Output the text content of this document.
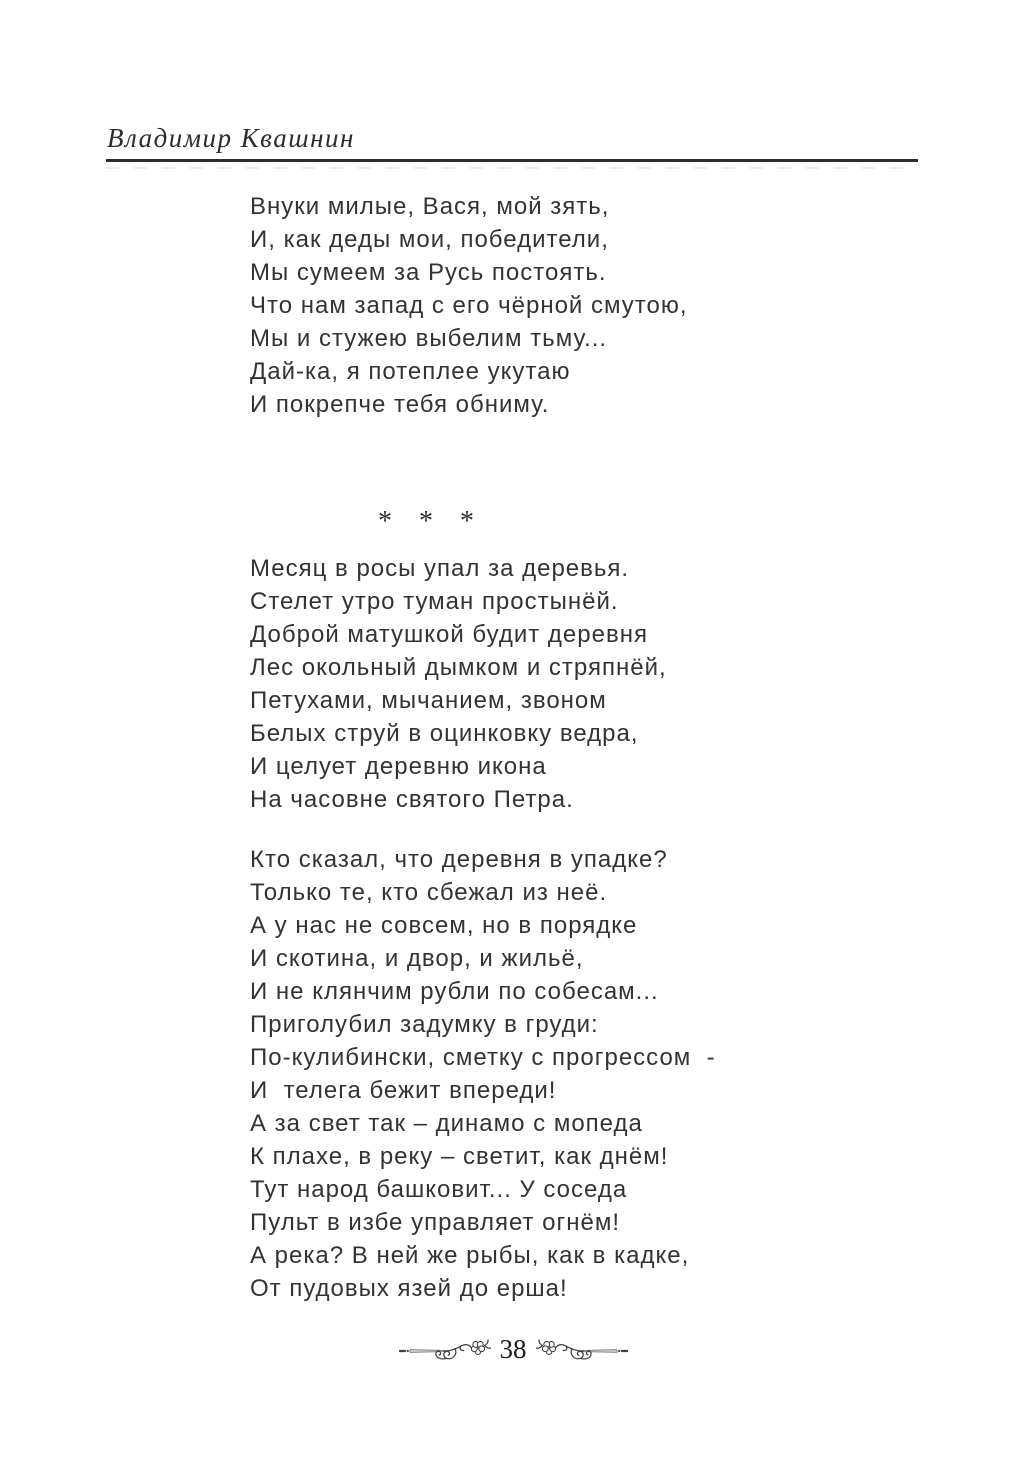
Владимир Квашнин
Внуки милые, Вася, мой зять,
И, как деды мои, победители,
Мы сумеем за Русь постоять.
Что нам запад с его чёрной смутою,
Мы и стужею выбелим тьму...
Дай-ка, я потеплее укутаю
И покрепче тебя обниму.
* * *
Месяц в росы упал за деревья.
Стелет утро туман простынёй.
Доброй матушкой будит деревня
Лес окольный дымком и стряпнёй,
Петухами, мычанием, звоном
Белых струй в оцинковку ведра,
И целует деревню икона
На часовне святого Петра.
Кто сказал, что деревня в упадке?
Только те, кто сбежал из неё.
А у нас не совсем, но в порядке
И скотина, и двор, и жильё,
И не клянчим рубли по собесам...
Приголубил задумку в груди:
По-кулибински, сметку с прогрессом  -
И  телега бежит впереди!
А за свет так – динамо с мопеда
К плахе, в реку – светит, как днём!
Тут народ башковит... У соседа
Пульт в избе управляет огнём!
А река? В ней же рыбы, как в кадке,
От пудовых язей до ерша!
38
